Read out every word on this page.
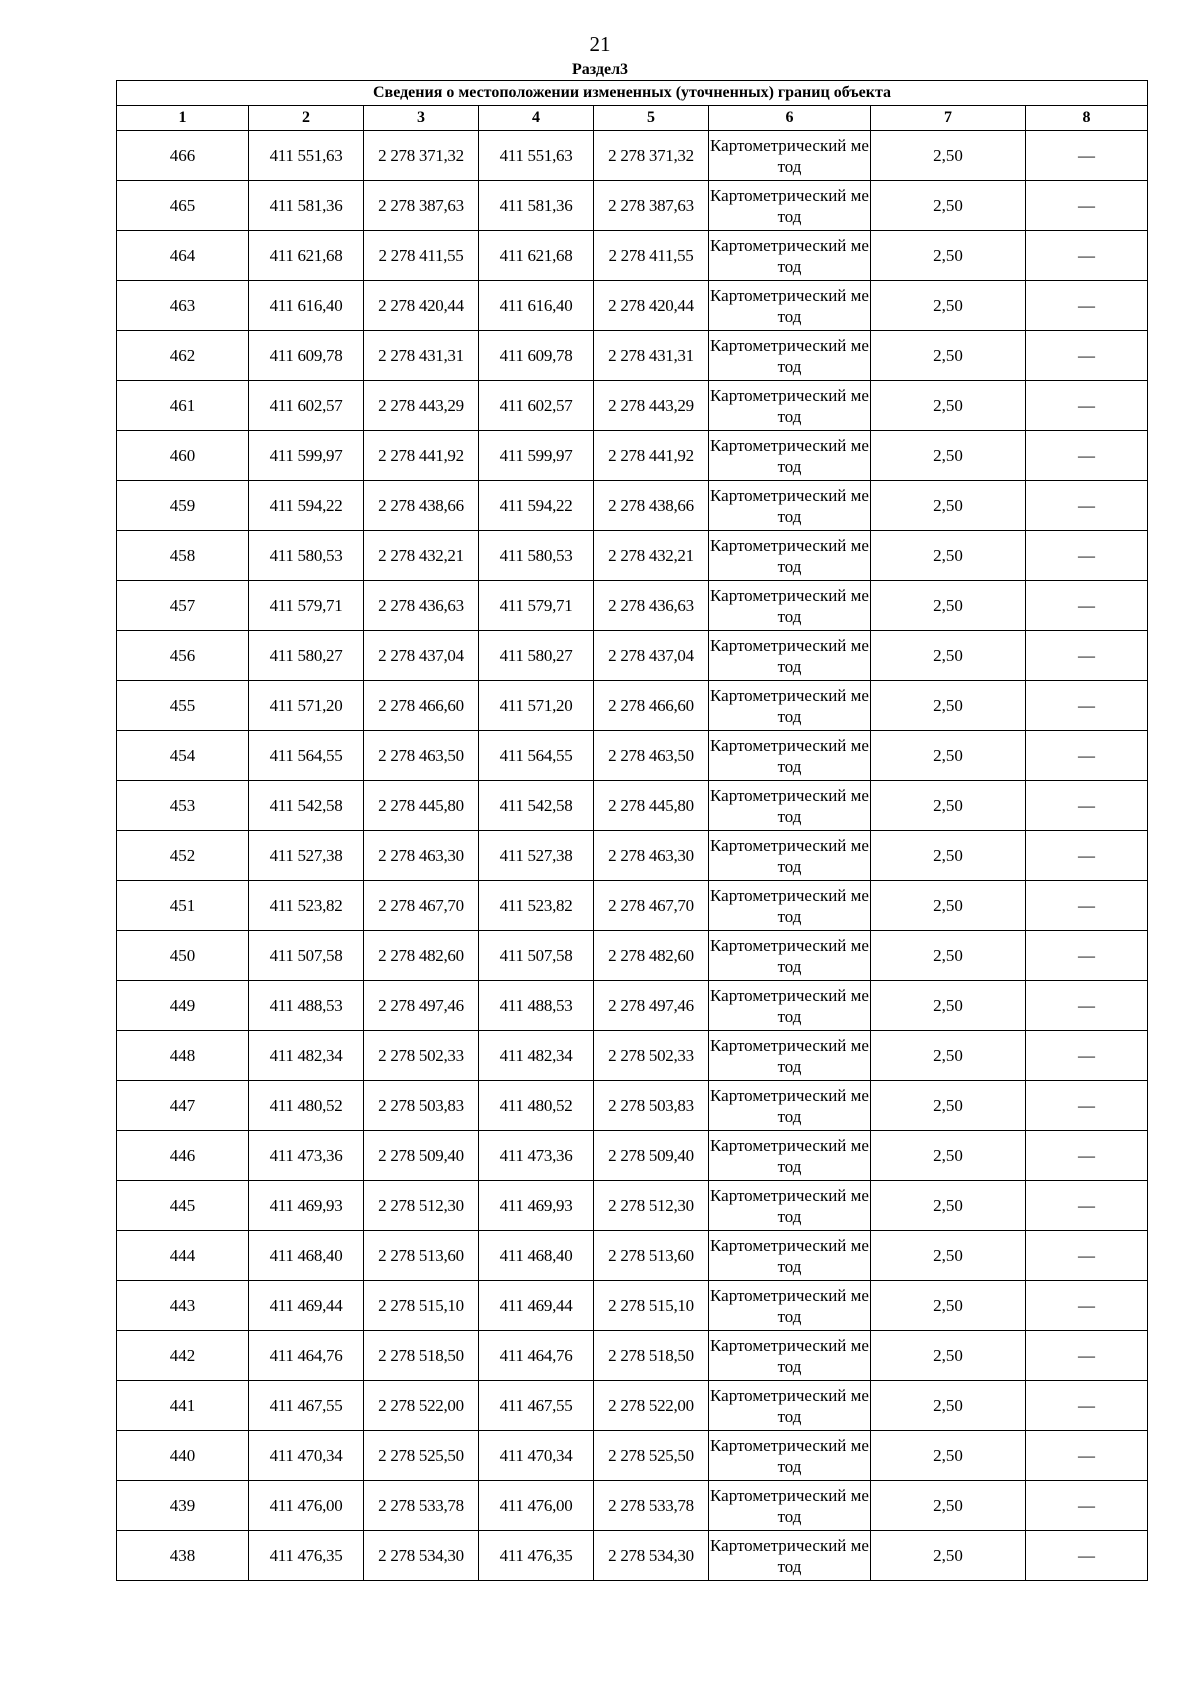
21
Раздел3
Сведения о местоположении измененных (уточненных) границ объекта							
1	2	3	4	5	6	7	8
466	411 551,63	2 278 371,32	411 551,63	2 278 371,32	Картометрический метод	2,50	—
465	411 581,36	2 278 387,63	411 581,36	2 278 387,63	Картометрический метод	2,50	—
464	411 621,68	2 278 411,55	411 621,68	2 278 411,55	Картометрический метод	2,50	—
463	411 616,40	2 278 420,44	411 616,40	2 278 420,44	Картометрический метод	2,50	—
462	411 609,78	2 278 431,31	411 609,78	2 278 431,31	Картометрический метод	2,50	—
461	411 602,57	2 278 443,29	411 602,57	2 278 443,29	Картометрический метод	2,50	—
460	411 599,97	2 278 441,92	411 599,97	2 278 441,92	Картометрический метод	2,50	—
459	411 594,22	2 278 438,66	411 594,22	2 278 438,66	Картометрический метод	2,50	—
458	411 580,53	2 278 432,21	411 580,53	2 278 432,21	Картометрический метод	2,50	—
457	411 579,71	2 278 436,63	411 579,71	2 278 436,63	Картометрический метод	2,50	—
456	411 580,27	2 278 437,04	411 580,27	2 278 437,04	Картометрический метод	2,50	—
455	411 571,20	2 278 466,60	411 571,20	2 278 466,60	Картометрический метод	2,50	—
454	411 564,55	2 278 463,50	411 564,55	2 278 463,50	Картометрический метод	2,50	—
453	411 542,58	2 278 445,80	411 542,58	2 278 445,80	Картометрический метод	2,50	—
452	411 527,38	2 278 463,30	411 527,38	2 278 463,30	Картометрический метод	2,50	—
451	411 523,82	2 278 467,70	411 523,82	2 278 467,70	Картометрический метод	2,50	—
450	411 507,58	2 278 482,60	411 507,58	2 278 482,60	Картометрический метод	2,50	—
449	411 488,53	2 278 497,46	411 488,53	2 278 497,46	Картометрический метод	2,50	—
448	411 482,34	2 278 502,33	411 482,34	2 278 502,33	Картометрический метод	2,50	—
447	411 480,52	2 278 503,83	411 480,52	2 278 503,83	Картометрический метод	2,50	—
446	411 473,36	2 278 509,40	411 473,36	2 278 509,40	Картометрический метод	2,50	—
445	411 469,93	2 278 512,30	411 469,93	2 278 512,30	Картометрический метод	2,50	—
444	411 468,40	2 278 513,60	411 468,40	2 278 513,60	Картометрический метод	2,50	—
443	411 469,44	2 278 515,10	411 469,44	2 278 515,10	Картометрический метод	2,50	—
442	411 464,76	2 278 518,50	411 464,76	2 278 518,50	Картометрический метод	2,50	—
441	411 467,55	2 278 522,00	411 467,55	2 278 522,00	Картометрический метод	2,50	—
440	411 470,34	2 278 525,50	411 470,34	2 278 525,50	Картометрический метод	2,50	—
439	411 476,00	2 278 533,78	411 476,00	2 278 533,78	Картометрический метод	2,50	—
438	411 476,35	2 278 534,30	411 476,35	2 278 534,30	Картометрический метод	2,50	—
